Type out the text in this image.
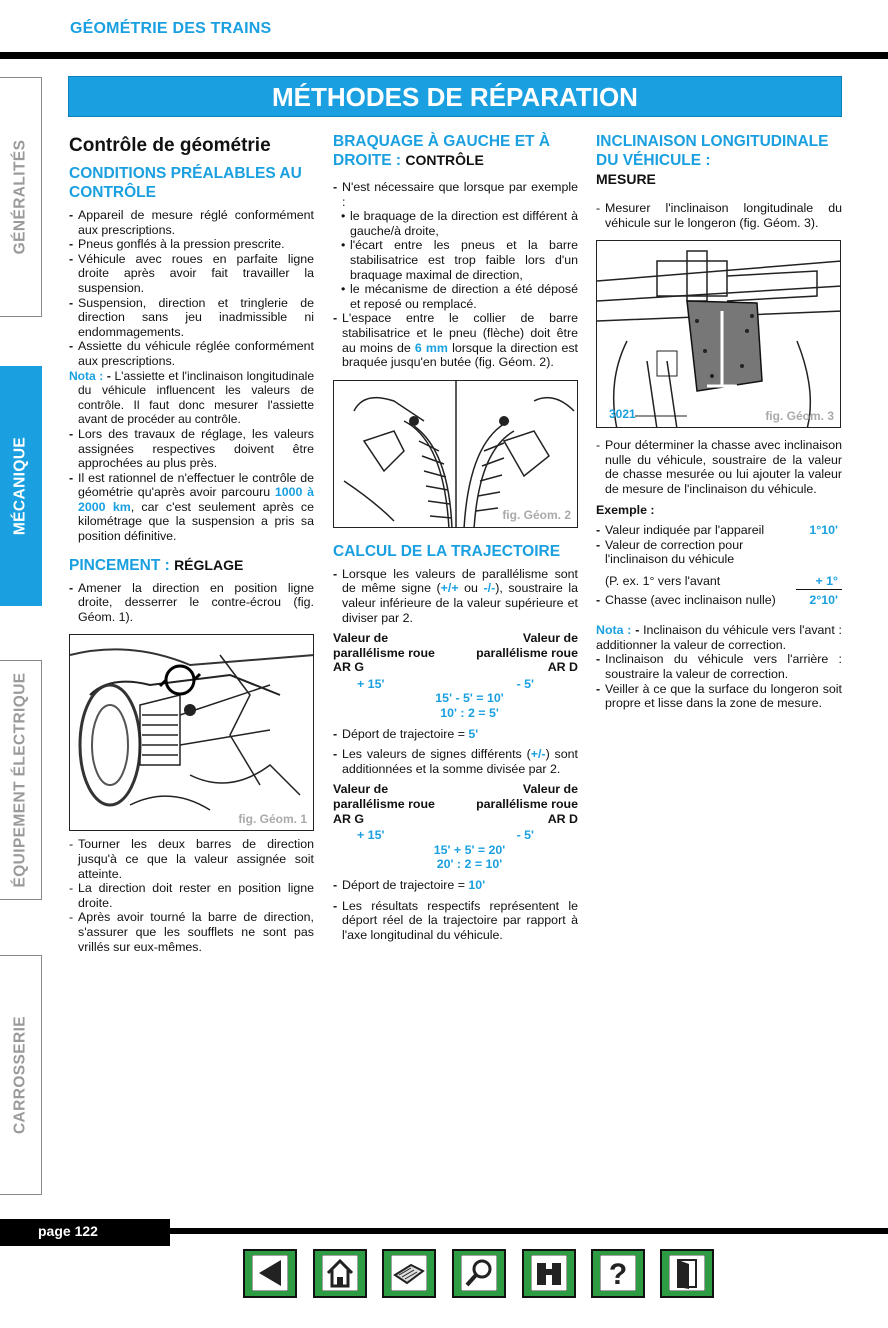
GÉOMÉTRIE DES TRAINS
MÉTHODES DE RÉPARATION
GÉNÉRALITÉS
MÉCANIQUE
ÉQUIPEMENT ÉLECTRIQUE
CARROSSERIE
Contrôle de géométrie
CONDITIONS PRÉALABLES AU CONTRÔLE
- Appareil de mesure réglé conformément aux prescriptions.
- Pneus gonflés à la pression prescrite.
- Véhicule avec roues en parfaite ligne droite après avoir fait travailler la suspension.
- Suspension, direction et tringlerie de direction sans jeu inadmissible ni endommagements.
- Assiette du véhicule réglée conformément aux prescriptions.
Nota : - L'assiette et l'inclinaison longitudinale du véhicule influencent les valeurs de contrôle. Il faut donc mesurer l'assiette avant de procéder au contrôle.
- Lors des travaux de réglage, les valeurs assignées respectives doivent être approchées au plus près.
- Il est rationnel de n'effectuer le contrôle de géométrie qu'après avoir parcouru 1000 à 2000 km, car c'est seulement après ce kilométrage que la suspension a pris sa position définitive.
PINCEMENT : RÉGLAGE
- Amener la direction en position ligne droite, desserrer le contre-écrou (fig. Géom. 1).
fig. Géom. 1
- Tourner les deux barres de direction jusqu'à ce que la valeur assignée soit atteinte.
- La direction doit rester en position ligne droite.
- Après avoir tourné la barre de direction, s'assurer que les soufflets ne sont pas vrillés sur eux-mêmes.
BRAQUAGE À GAUCHE ET À DROITE : CONTRÔLE
- N'est nécessaire que lorsque par exemple :
• le braquage de la direction est différent à gauche/à droite,
• l'écart entre les pneus et la barre stabilisatrice est trop faible lors d'un braquage maximal de direction,
• le mécanisme de direction a été déposé et reposé ou remplacé.
- L'espace entre le collier de barre stabilisatrice et le pneu (flèche) doit être au moins de 6 mm lorsque la direction est braquée jusqu'en butée (fig. Géom. 2).
fig. Géom. 2
CALCUL DE LA TRAJECTOIRE
- Lorsque les valeurs de parallélisme sont de même signe (+/+ ou -/-), soustraire la valeur inférieure de la valeur supérieure et diviser par 2.
Valeur de parallélisme roue AR G
Valeur de parallélisme roue AR D
+ 15'	- 5'
15' - 5' = 10'
10' : 2 = 5'
- Déport de trajectoire = 5'
- Les valeurs de signes différents (+/-) sont additionnées et la somme divisée par 2.
Valeur de parallélisme roue AR G
Valeur de parallélisme roue AR D
+ 15'	- 5'
15' + 5' = 20'
20' : 2 = 10'
- Déport de trajectoire = 10'
- Les résultats respectifs représentent le déport réel de la trajectoire par rapport à l'axe longitudinal du véhicule.
INCLINAISON LONGITUDINALE DU VÉHICULE :
MESURE
- Mesurer l'inclinaison longitudinale du véhicule sur le longeron (fig. Géom. 3).
3021	fig. Géom. 3
- Pour déterminer la chasse avec inclinaison nulle du véhicule, soustraire de la valeur de chasse mesurée ou lui ajouter la valeur de mesure de l'inclinaison du véhicule.
Exemple :
- Valeur indiquée par l'appareil	1°10'
- Valeur de correction pour
l'inclinaison du véhicule
(P. ex. 1° vers l'avant	+ 1°
- Chasse (avec inclinaison nulle)	2°10'
Nota : - Inclinaison du véhicule vers l'avant : additionner la valeur de correction.
- Inclinaison du véhicule vers l'arrière : soustraire la valeur de correction.
- Veiller à ce que la surface du longeron soit propre et lisse dans la zone de mesure.
page 122
?
